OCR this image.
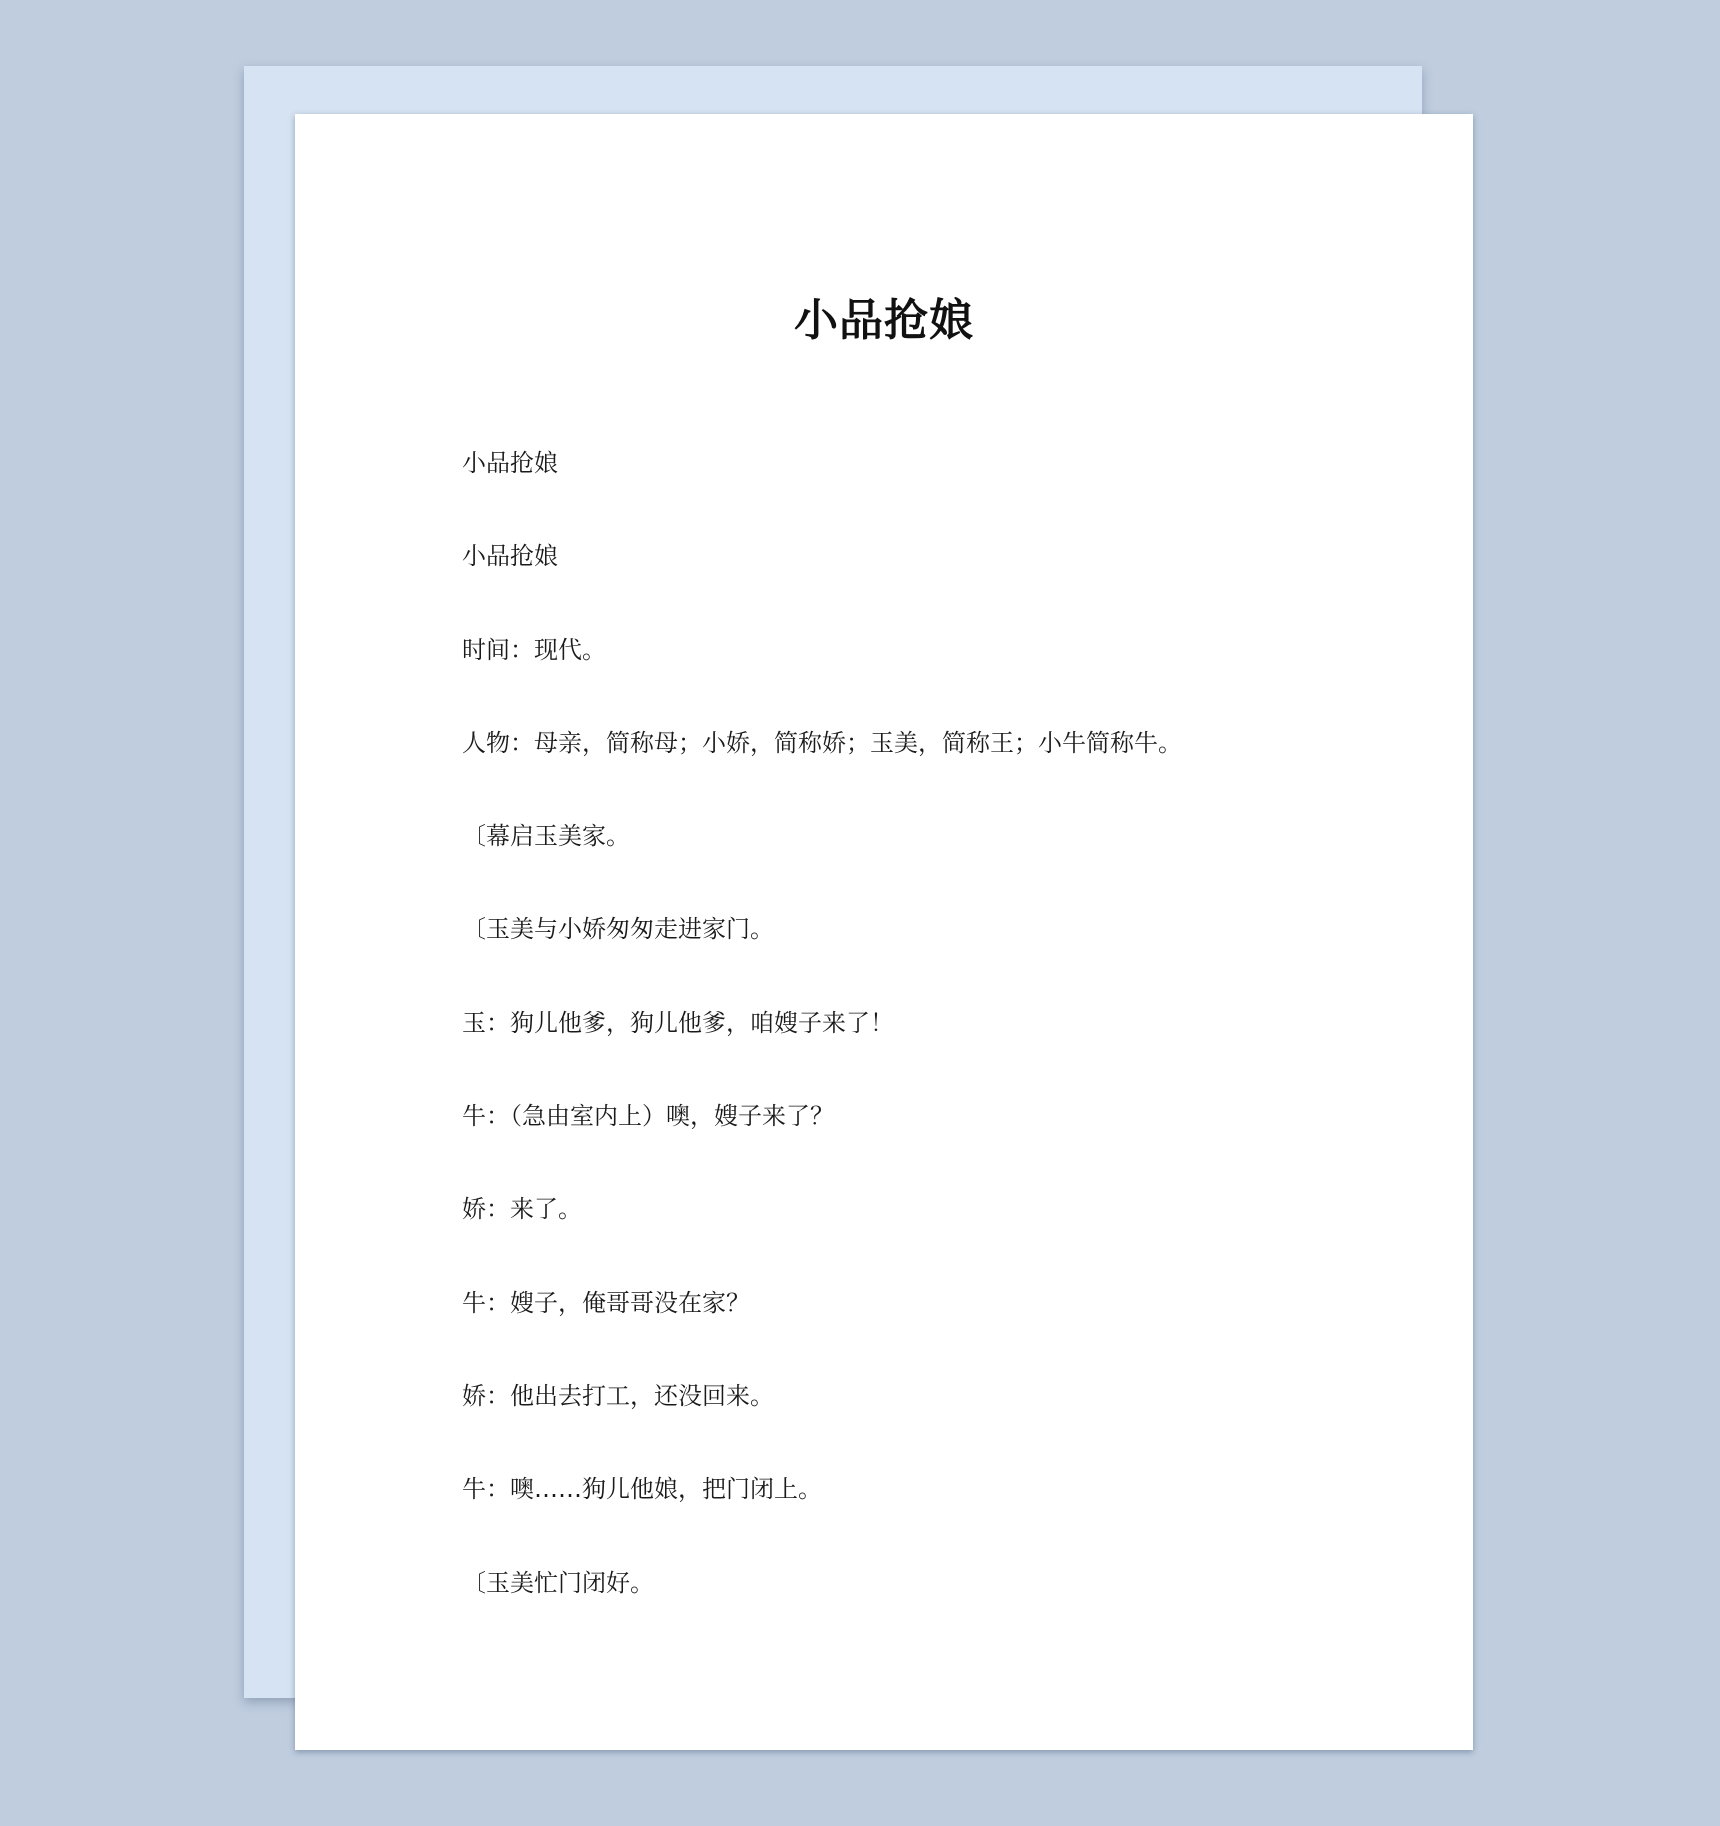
小品抢娘
小品抢娘
小品抢娘
时间：现代。
人物：母亲，简称母；小娇，简称娇；玉美，简称王；小牛简称牛。
〔幕启玉美家。
〔玉美与小娇匆匆走进家门。
玉：狗儿他爹，狗儿他爹，咱嫂子来了！
牛：（急由室内上）噢，嫂子来了？
娇：来了。
牛：嫂子，俺哥哥没在家？
娇：他出去打工，还没回来。
牛：噢……狗儿他娘，把门闭上。
〔玉美忙门闭好。
